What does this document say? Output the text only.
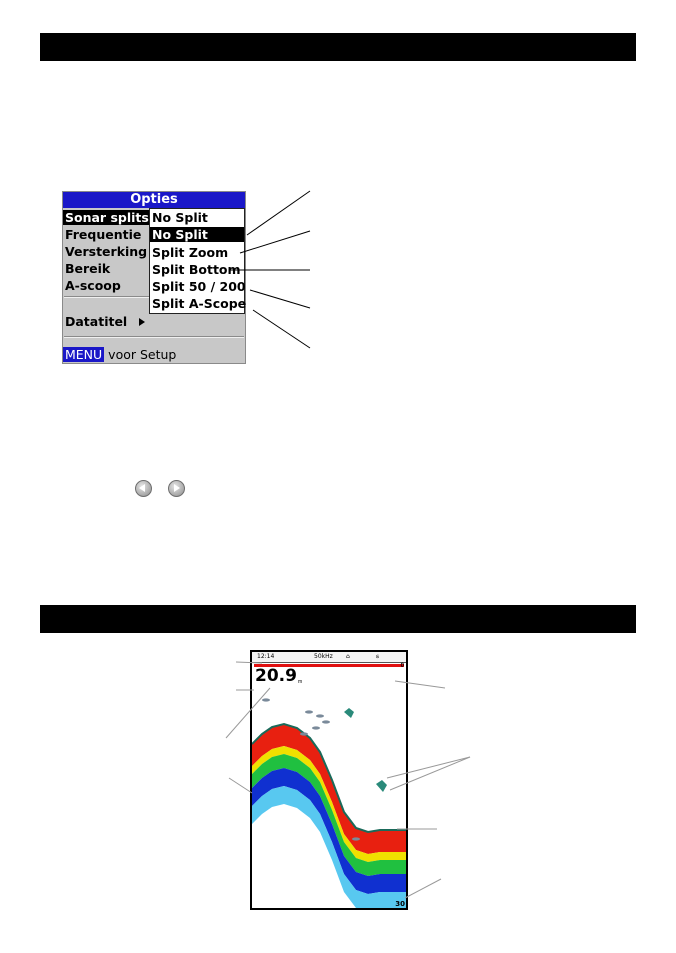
Opties
Sonar splits
Frequentie
Versterking
Bereik
A-scoop
Datatitel
MENU voor Setup
No Split
No Split
Split Zoom
Split Bottom
Split 50 / 200
Split A-Scope
12:14	50kHz ⌂	ꟙ
20.9 m
0
30
